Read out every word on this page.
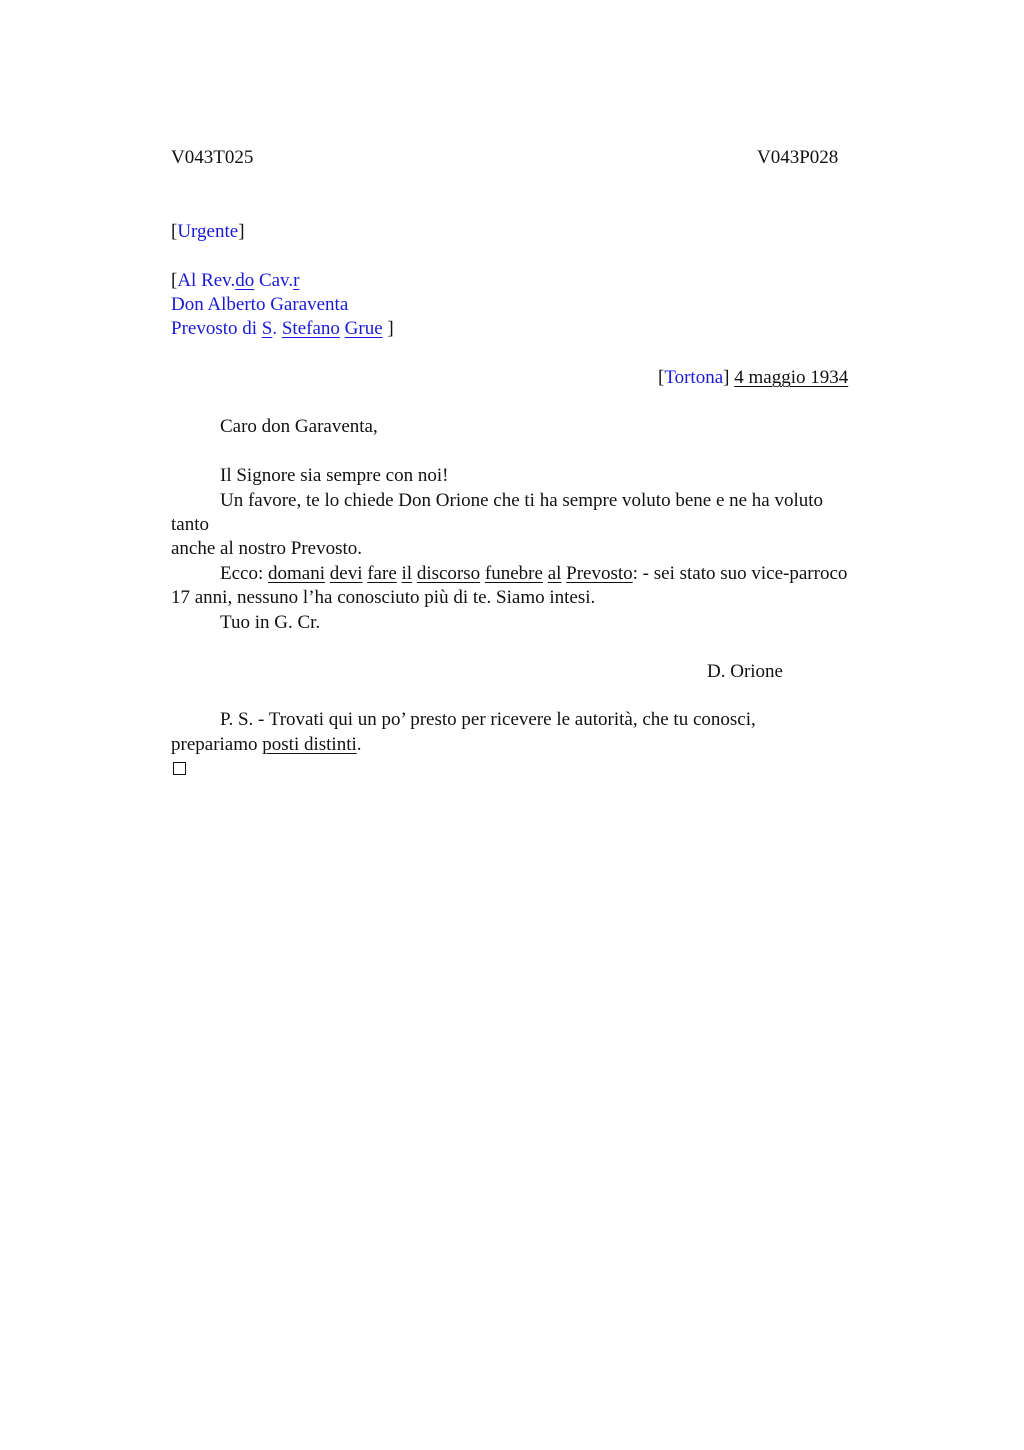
V043T025	V043P028
[Urgente]
[Al Rev.do Cav.r
Don Alberto Garaventa
Prevosto di S. Stefano Grue ]
[Tortona] 4 maggio 1934
Caro don Garaventa,
Il Signore sia sempre con noi!
Un favore, te lo chiede Don Orione che ti ha sempre voluto bene e ne ha voluto
tanto
anche al nostro Prevosto.
Ecco: domani devi fare il discorso funebre al Prevosto: - sei stato suo vice-parroco
17 anni, nessuno l’ha conosciuto più di te. Siamo intesi.
Tuo in G. Cr.
D. Orione
P. S. - Trovati qui un po’ presto per ricevere le autorità, che tu conosci,
prepariamo posti distinti.
